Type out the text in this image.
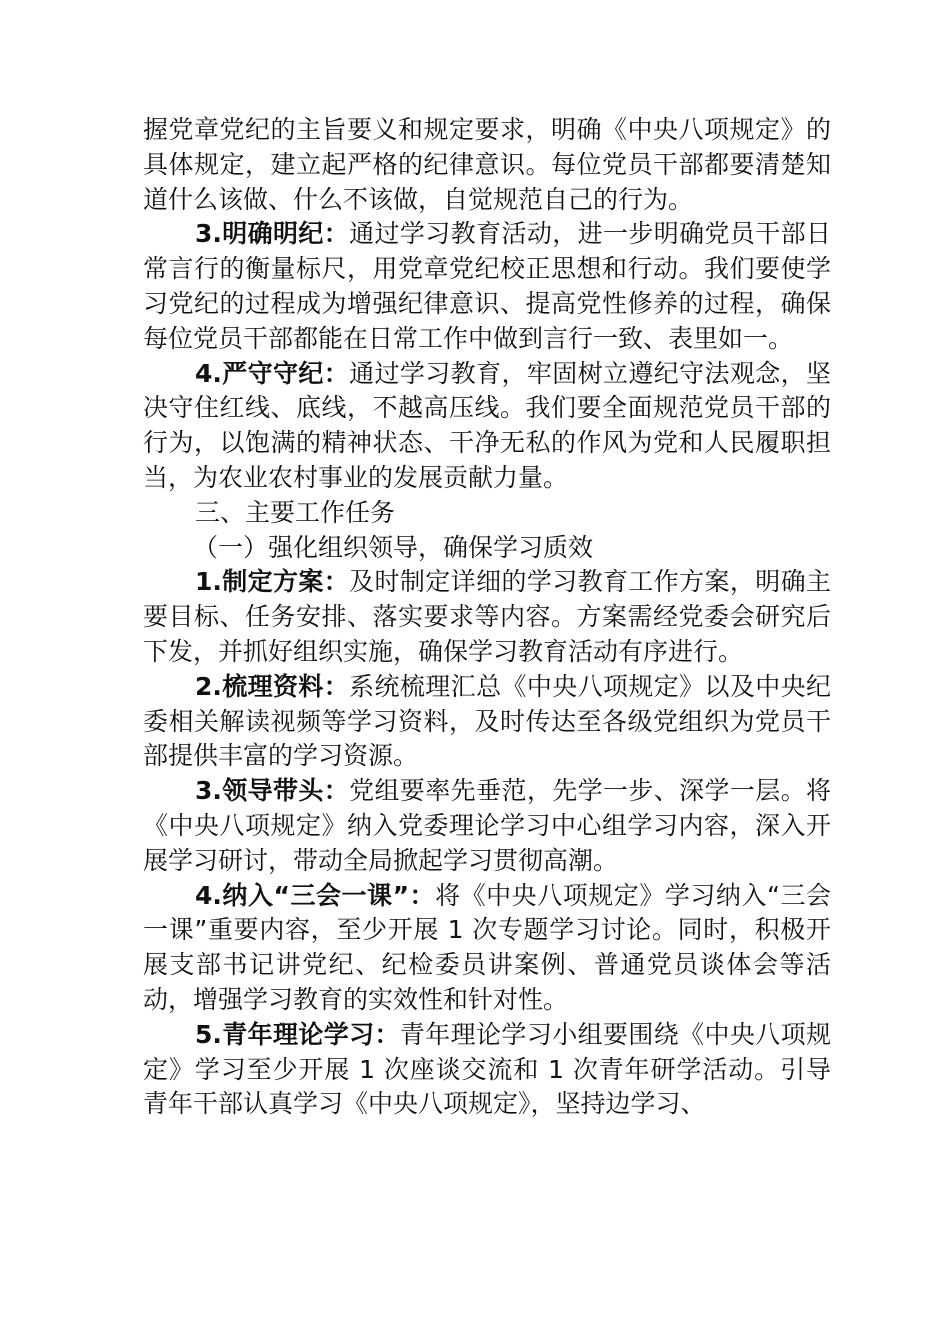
握党章党纪的主旨要义和规定要求，明确《中央八项规定》的具体规定，建立起严格的纪律意识。每位党员干部都要清楚知道什么该做、什么不该做，自觉规范自己的行为。

3.明确明纪：通过学习教育活动，进一步明确党员干部日常言行的衡量标尺，用党章党纪校正思想和行动。我们要使学习党纪的过程成为增强纪律意识、提高党性修养的过程，确保每位党员干部都能在日常工作中做到言行一致、表里如一。

4.严守守纪：通过学习教育，牢固树立遵纪守法观念，坚决守住红线、底线，不越高压线。我们要全面规范党员干部的行为，以饱满的精神状态、干净无私的作风为党和人民履职担当，为农业农村事业的发展贡献力量。

三、主要工作任务

（一）强化组织领导，确保学习质效

1.制定方案：及时制定详细的学习教育工作方案，明确主要目标、任务安排、落实要求等内容。方案需经党委会研究后下发，并抓好组织实施，确保学习教育活动有序进行。

2.梳理资料：系统梳理汇总《中央八项规定》以及中央纪委相关解读视频等学习资料，及时传达至各级党组织为党员干部提供丰富的学习资源。

3.领导带头：党组要率先垂范，先学一步、深学一层。将《中央八项规定》纳入党委理论学习中心组学习内容，深入开展学习研讨，带动全局掀起学习贯彻高潮。

4.纳入“三会一课”：将《中央八项规定》学习纳入“三会一课”重要内容，至少开展 1 次专题学习讨论。同时，积极开展支部书记讲党纪、纪检委员讲案例、普通党员谈体会等活动，增强学习教育的实效性和针对性。

5.青年理论学习：青年理论学习小组要围绕《中央八项规定》学习至少开展 1 次座谈交流和 1 次青年研学活动。引导青年干部认真学习《中央八项规定》，坚持边学习、
